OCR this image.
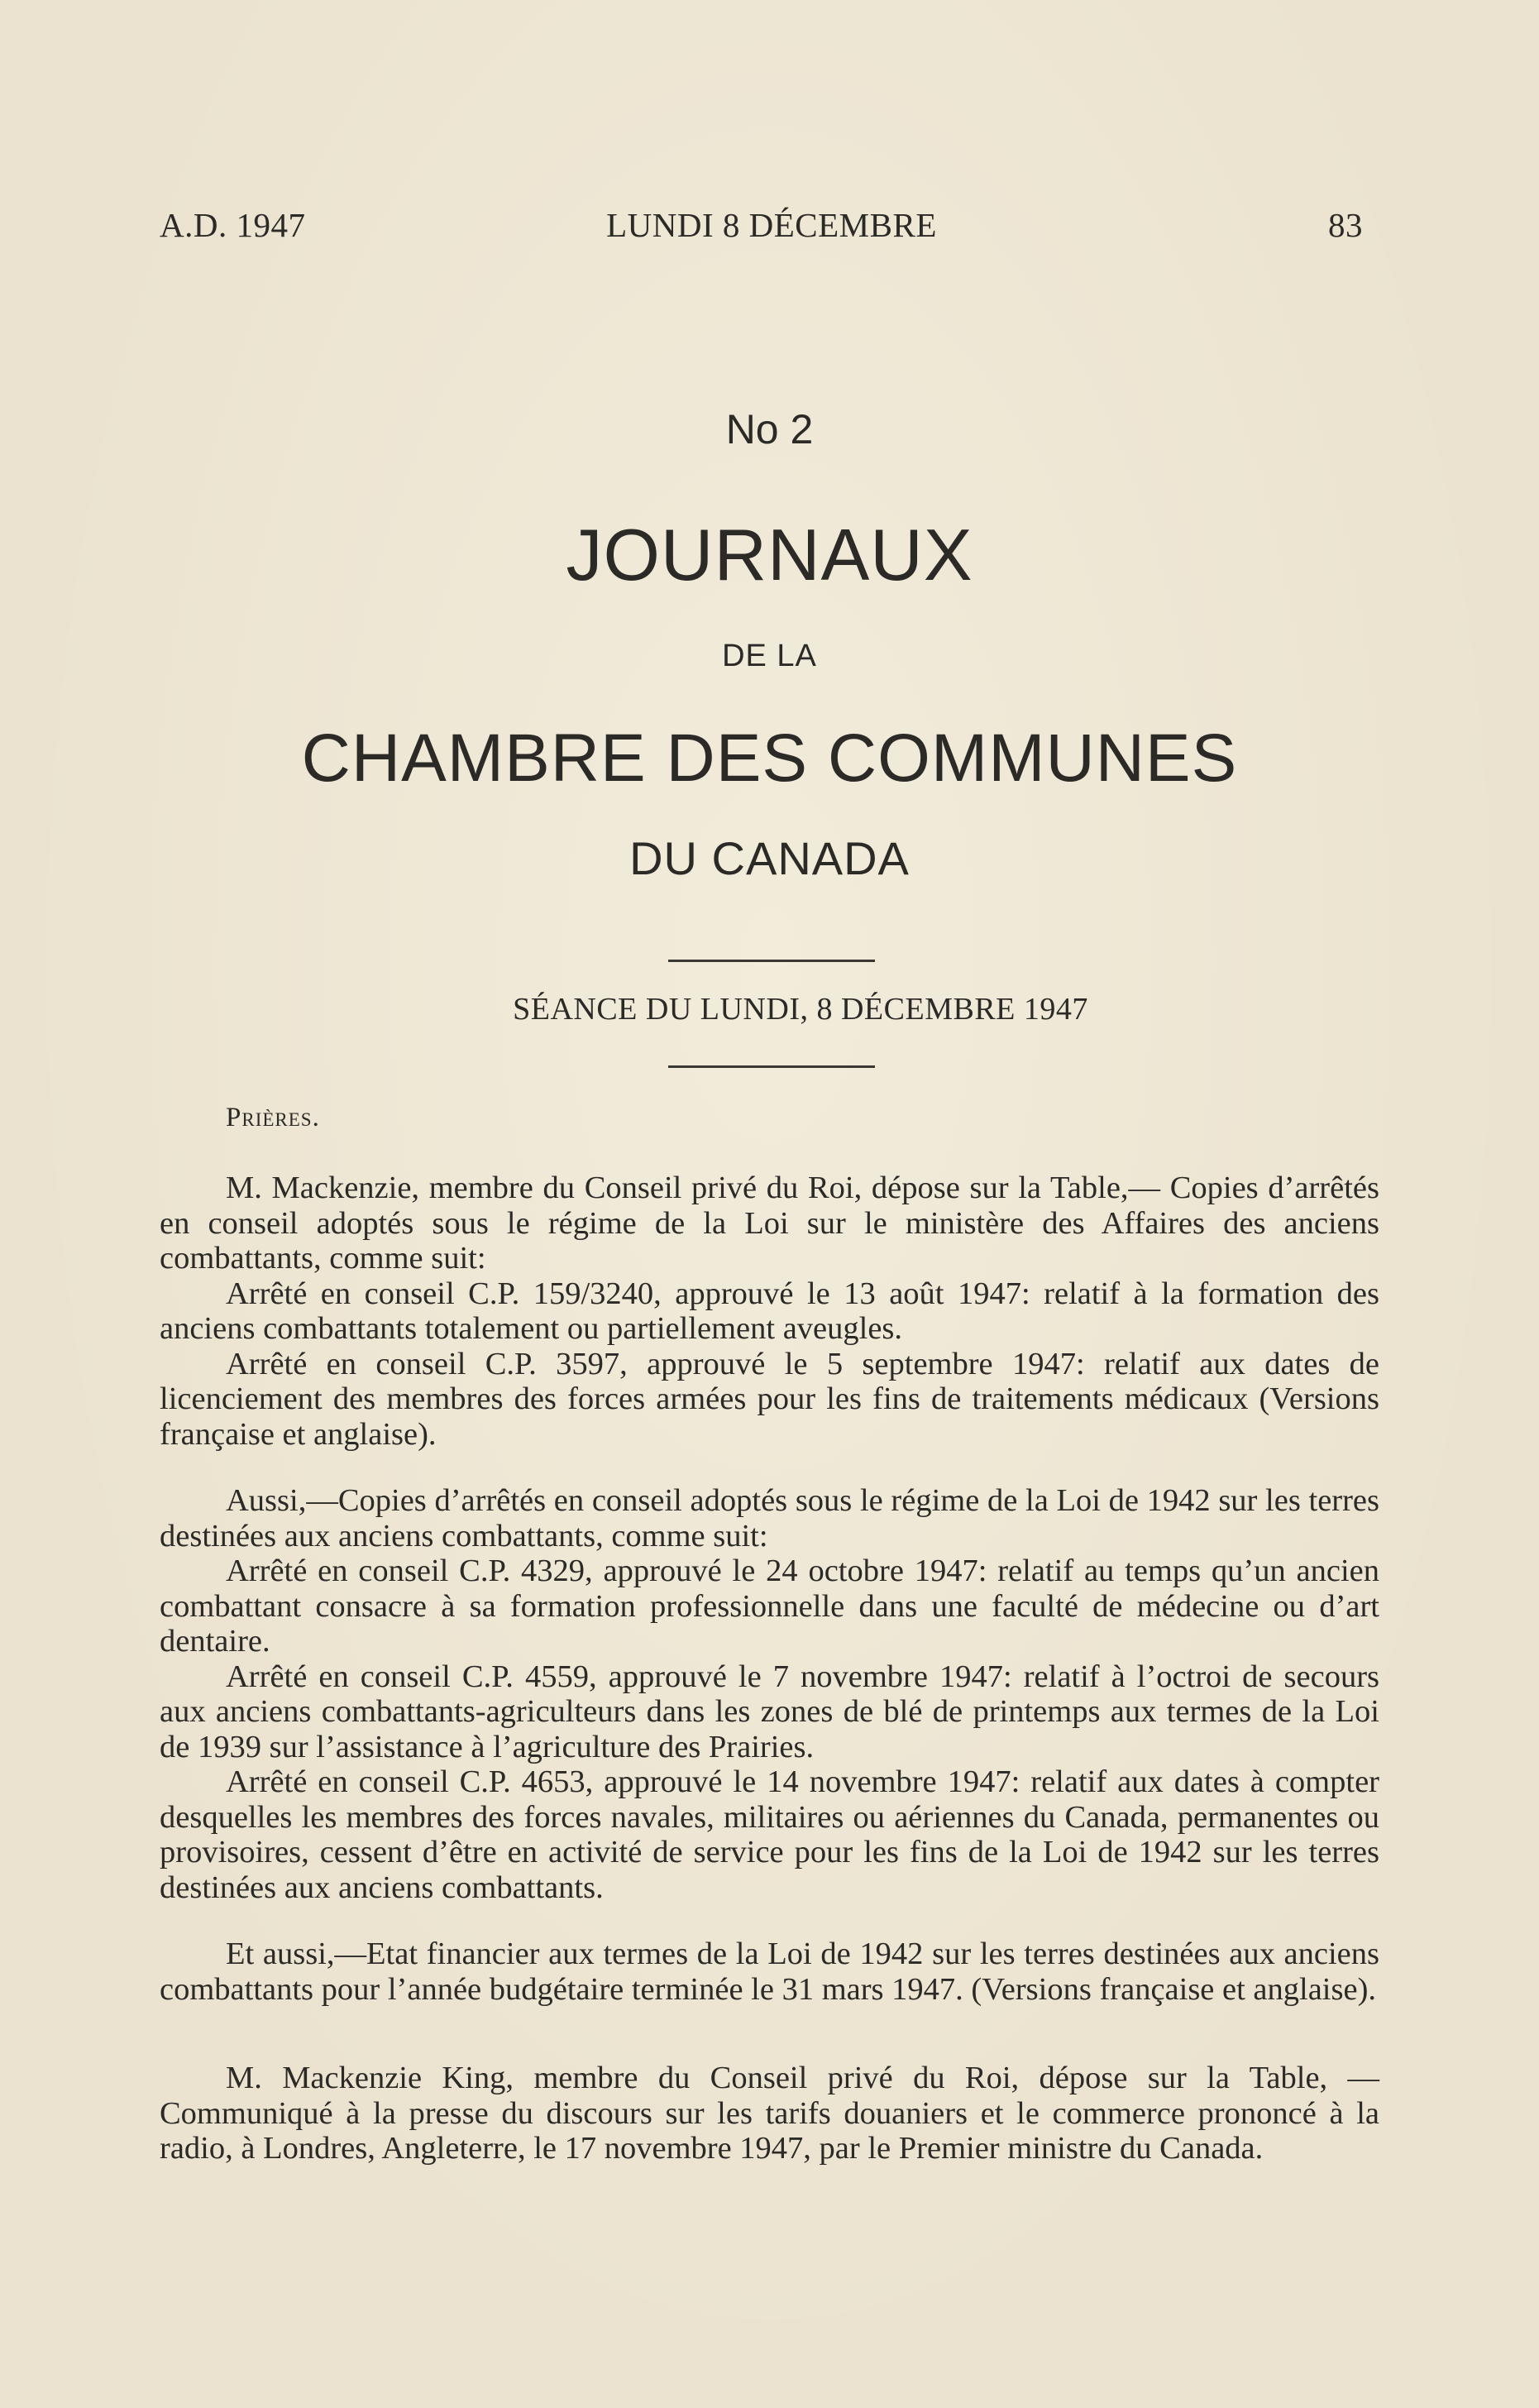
A.D. 1947	LUNDI 8 DÉCEMBRE	83
No 2
JOURNAUX
DE LA
CHAMBRE DES COMMUNES
DU CANADA
SÉANCE DU LUNDI, 8 DÉCEMBRE 1947
Prières.

M. Mackenzie, membre du Conseil privé du Roi, dépose sur la Table,— Copies d’arrêtés en conseil adoptés sous le régime de la Loi sur le ministère des Affaires des anciens combattants, comme suit:

Arrêté en conseil C.P. 159/3240, approuvé le 13 août 1947: relatif à la formation des anciens combattants totalement ou partiellement aveugles.

Arrêté en conseil C.P. 3597, approuvé le 5 septembre 1947: relatif aux dates de licenciement des membres des forces armées pour les fins de traitements médicaux (Versions française et anglaise).

Aussi,—Copies d’arrêtés en conseil adoptés sous le régime de la Loi de 1942 sur les terres destinées aux anciens combattants, comme suit:

Arrêté en conseil C.P. 4329, approuvé le 24 octobre 1947: relatif au temps qu’un ancien combattant consacre à sa formation professionnelle dans une faculté de médecine ou d’art dentaire.

Arrêté en conseil C.P. 4559, approuvé le 7 novembre 1947: relatif à l’octroi de secours aux anciens combattants-agriculteurs dans les zones de blé de printemps aux termes de la Loi de 1939 sur l’assistance à l’agriculture des Prairies.

Arrêté en conseil C.P. 4653, approuvé le 14 novembre 1947: relatif aux dates à compter desquelles les membres des forces navales, militaires ou aériennes du Canada, permanentes ou provisoires, cessent d’être en activité de service pour les fins de la Loi de 1942 sur les terres destinées aux anciens combattants.

Et aussi,—Etat financier aux termes de la Loi de 1942 sur les terres destinées aux anciens combattants pour l’année budgétaire terminée le 31 mars 1947. (Versions française et anglaise).

M. Mackenzie King, membre du Conseil privé du Roi, dépose sur la Table, —Communiqué à la presse du discours sur les tarifs douaniers et le commerce prononcé à la radio, à Londres, Angleterre, le 17 novembre 1947, par le Premier ministre du Canada.
